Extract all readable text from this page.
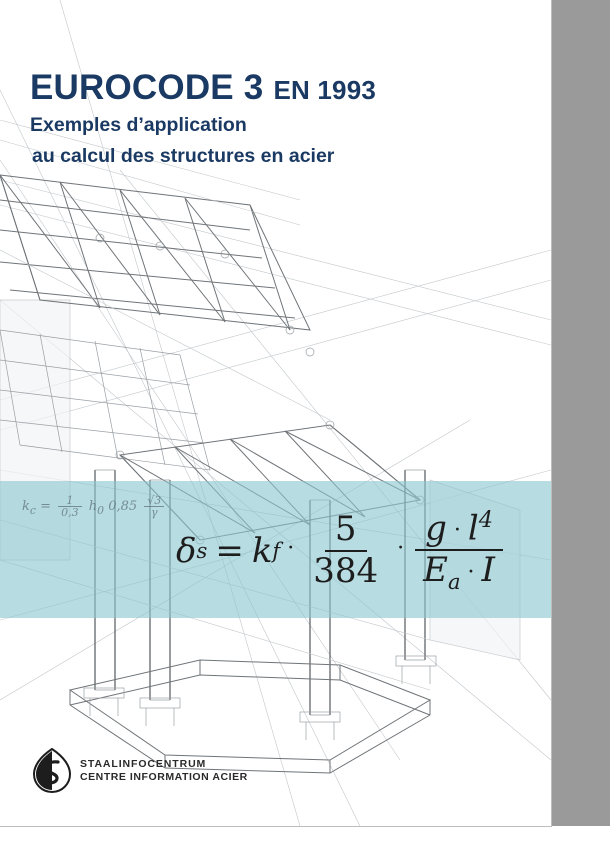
EUROCODE 3 EN 1993
Exemples d’application
au calcul des structures en acier
$k_c = \frac{1}{0,3} h_0$ $0,85 \frac{√3}{\gamma}$
δ s = k $f \cdot \frac{5}{384} \cdot \frac{g \cdot l^4}{E_a \cdot I}$
STAALINFOCENTRUM
CENTRE INFORMATION ACIER
